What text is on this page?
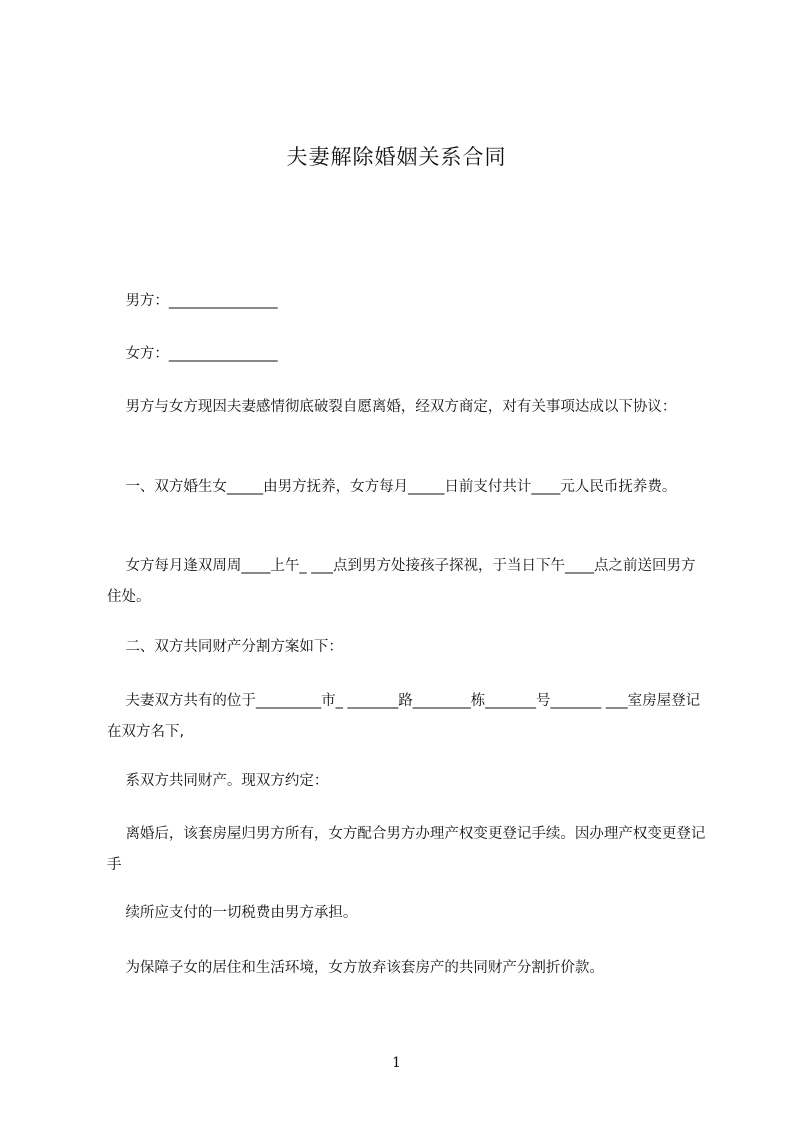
夫妻解除婚姻关系合同
男方：_______________
女方：_______________
男方与女方现因夫妻感情彻底破裂自愿离婚，经双方商定，对有关事项达成以下协议：
一、双方婚生女_____由男方抚养，女方每月_____日前支付共计____元人民币抚养费。
女方每月逢双周周____上午_ ___点到男方处接孩子探视，于当日下午____点之前送回男方住处。
二、双方共同财产分割方案如下：
夫妻双方共有的位于_________市_ _______路________栋_______号_______ ___室房屋登记在双方名下,
系双方共同财产。现双方约定：
离婚后，该套房屋归男方所有，女方配合男方办理产权变更登记手续。因办理产权变更登记手
续所应支付的一切税费由男方承担。
为保障子女的居住和生活环境，女方放弃该套房产的共同财产分割折价款。
1
